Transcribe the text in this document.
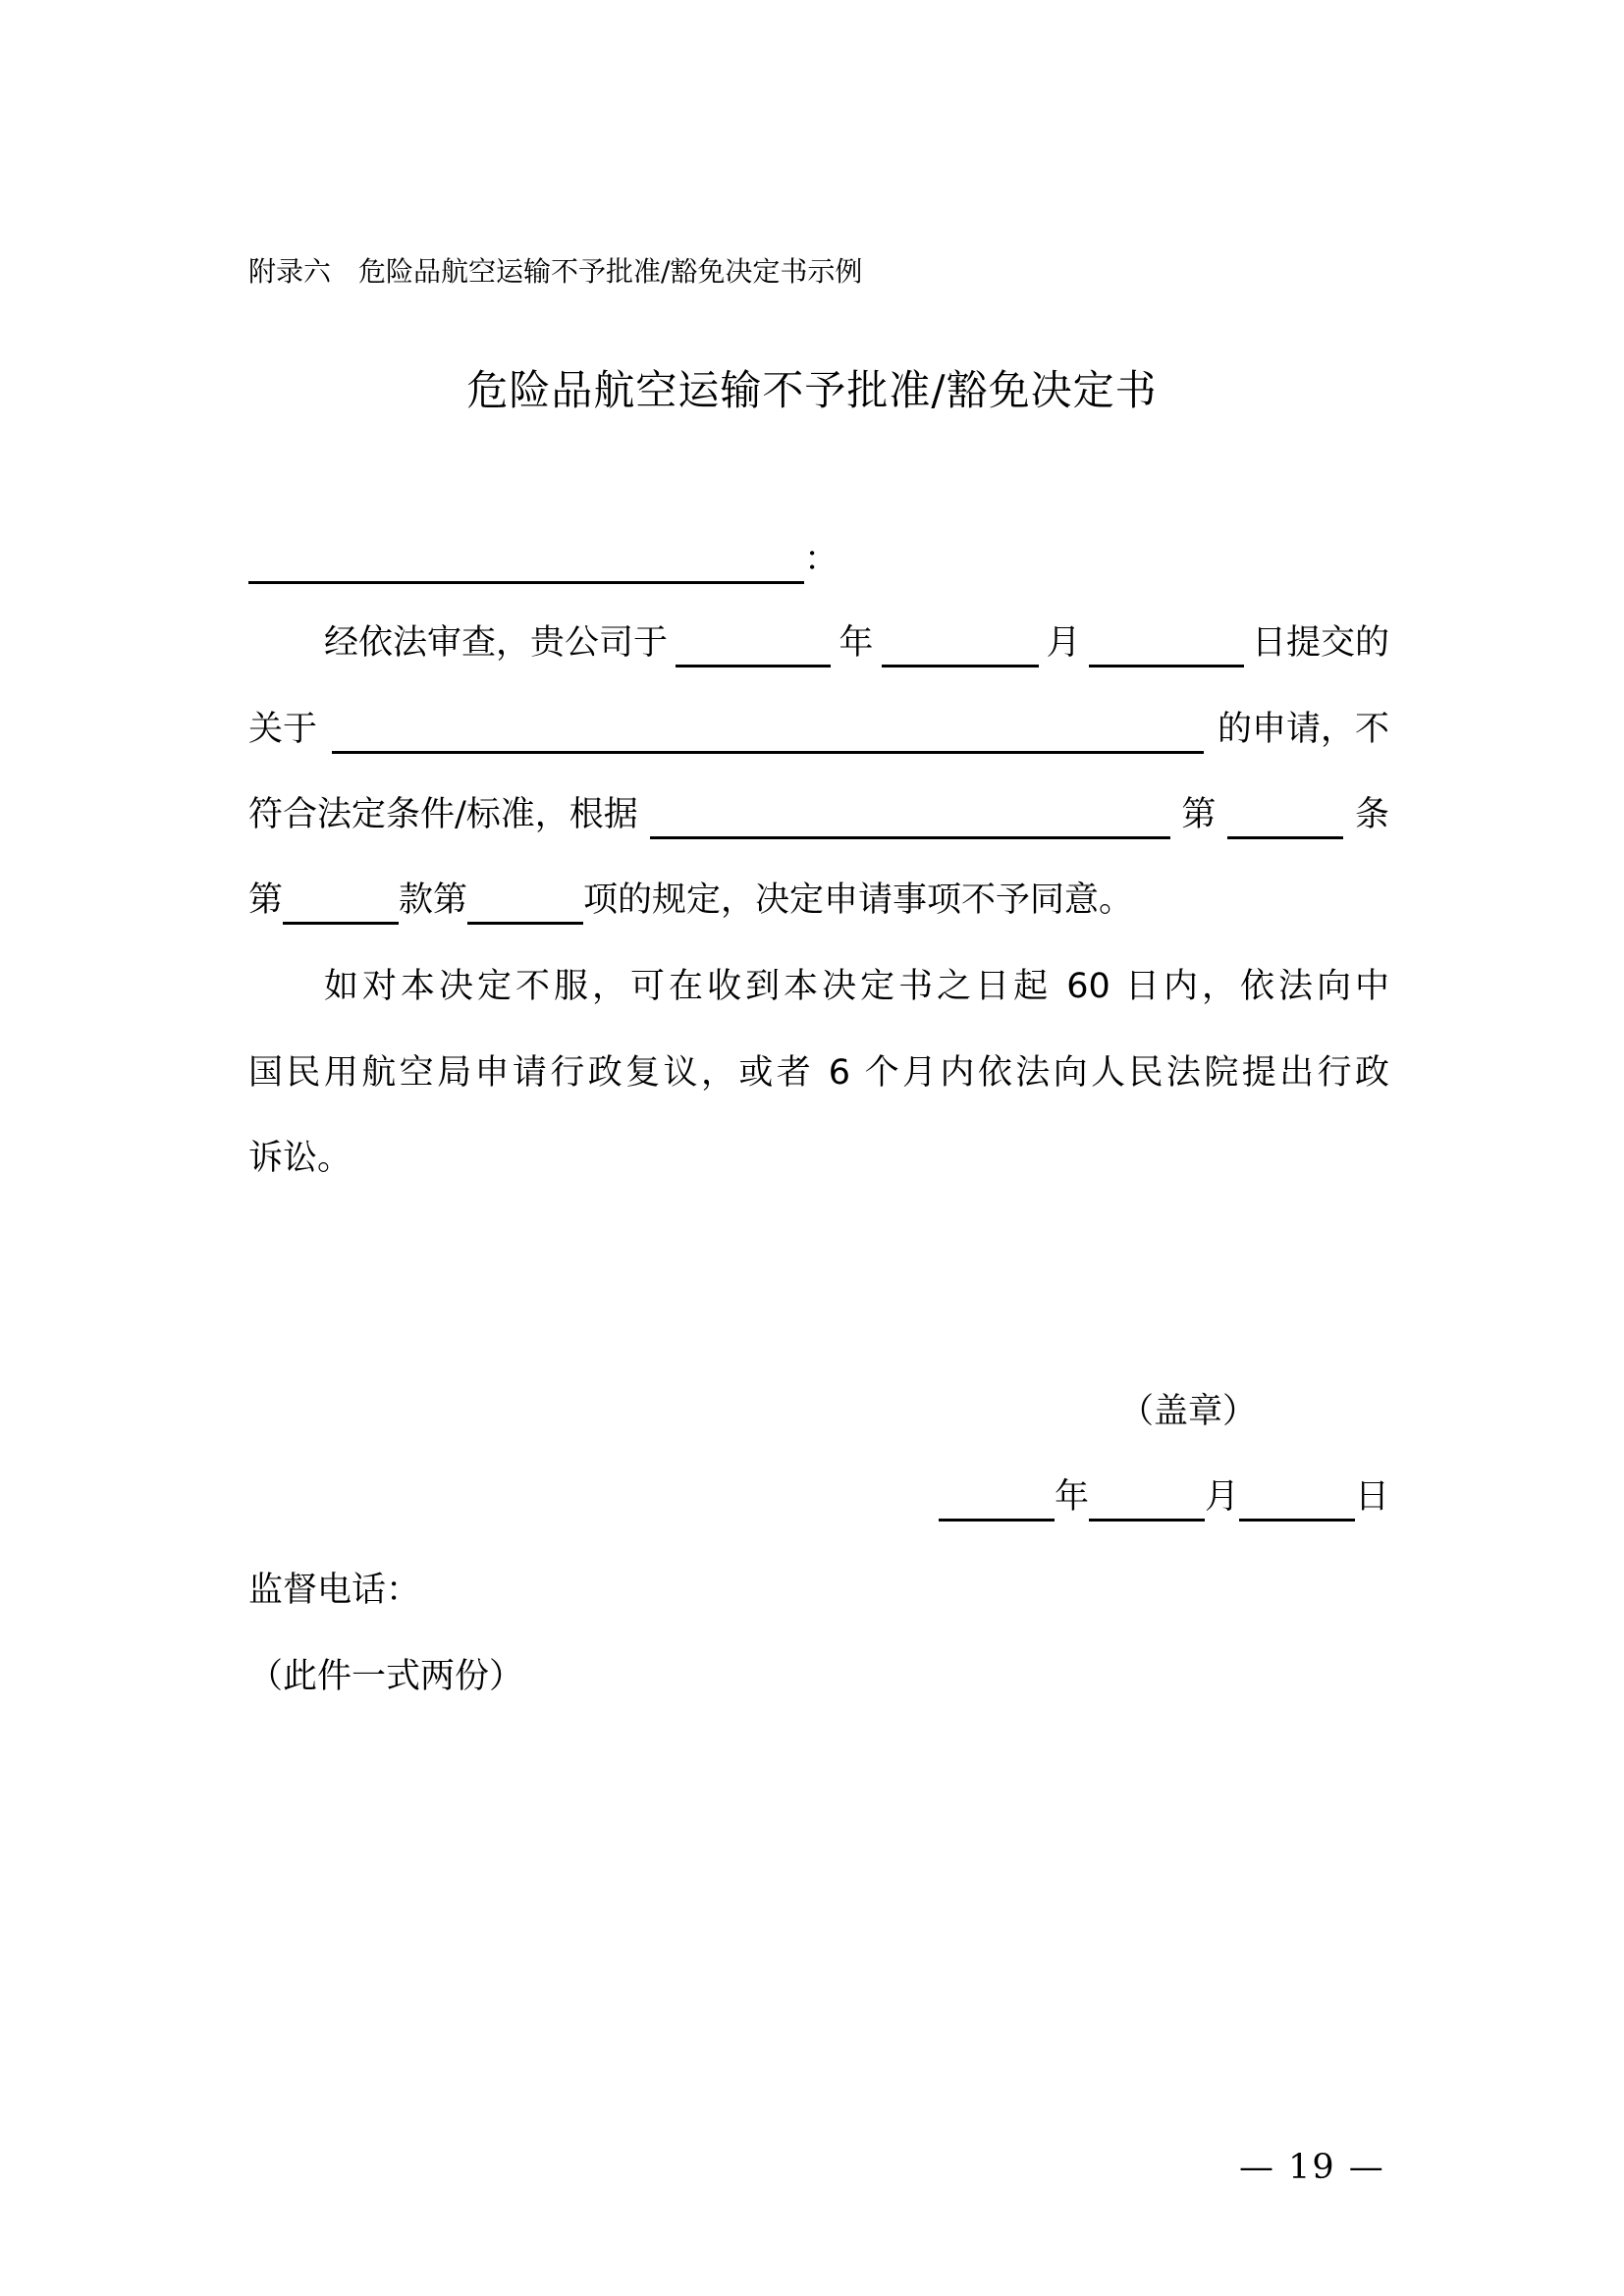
附录六　危险品航空运输不予批准/豁免决定书示例
危险品航空运输不予批准/豁免决定书
：
经依法审查，贵公司于	年	月	日提交的
关于	的申请，不
符合法定条件/标准，根据	第	条
第	款第	项的规定，决定申请事项不予同意。
如对本决定不服，可在收到本决定书之日起 60 日内，依法向中
国民用航空局申请行政复议，或者 6 个月内依法向人民法院提出行政
诉讼。
（盖章）
年	月	日
监督电话：
（此件一式两份）
— 19 —
